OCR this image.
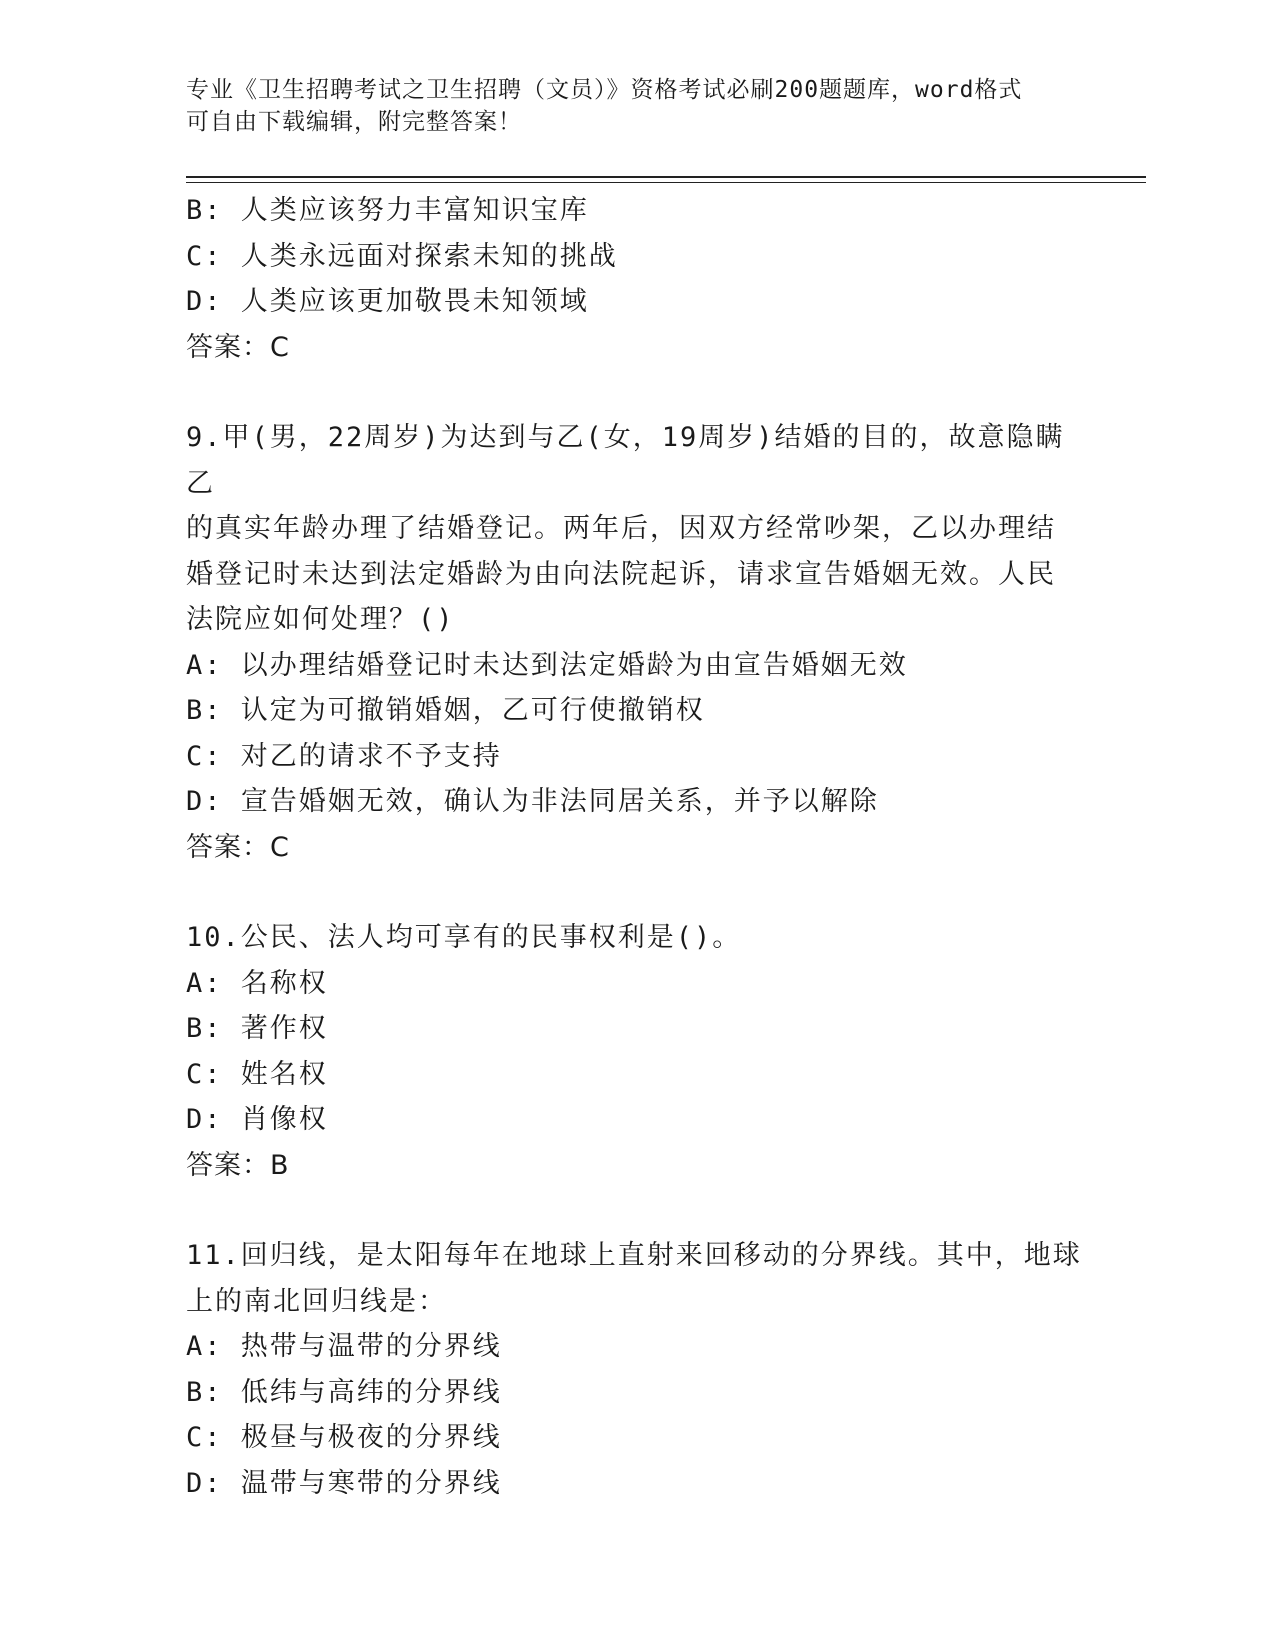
专业《卫生招聘考试之卫生招聘（文员）》资格考试必刷200题题库，word格式
可自由下载编辑，附完整答案！
B: 人类应该努力丰富知识宝库
C: 人类永远面对探索未知的挑战
D: 人类应该更加敬畏未知领域
答案：C
9.甲(男，22周岁)为达到与乙(女，19周岁)结婚的目的，故意隐瞒乙
的真实年龄办理了结婚登记。两年后，因双方经常吵架，乙以办理结
婚登记时未达到法定婚龄为由向法院起诉，请求宣告婚姻无效。人民
法院应如何处理？()
A: 以办理结婚登记时未达到法定婚龄为由宣告婚姻无效
B: 认定为可撤销婚姻，乙可行使撤销权
C: 对乙的请求不予支持
D: 宣告婚姻无效，确认为非法同居关系，并予以解除
答案：C
10.公民、法人均可享有的民事权利是()。
A: 名称权
B: 著作权
C: 姓名权
D: 肖像权
答案：B
11.回归线，是太阳每年在地球上直射来回移动的分界线。其中，地球
上的南北回归线是：
A: 热带与温带的分界线
B: 低纬与高纬的分界线
C: 极昼与极夜的分界线
D: 温带与寒带的分界线
